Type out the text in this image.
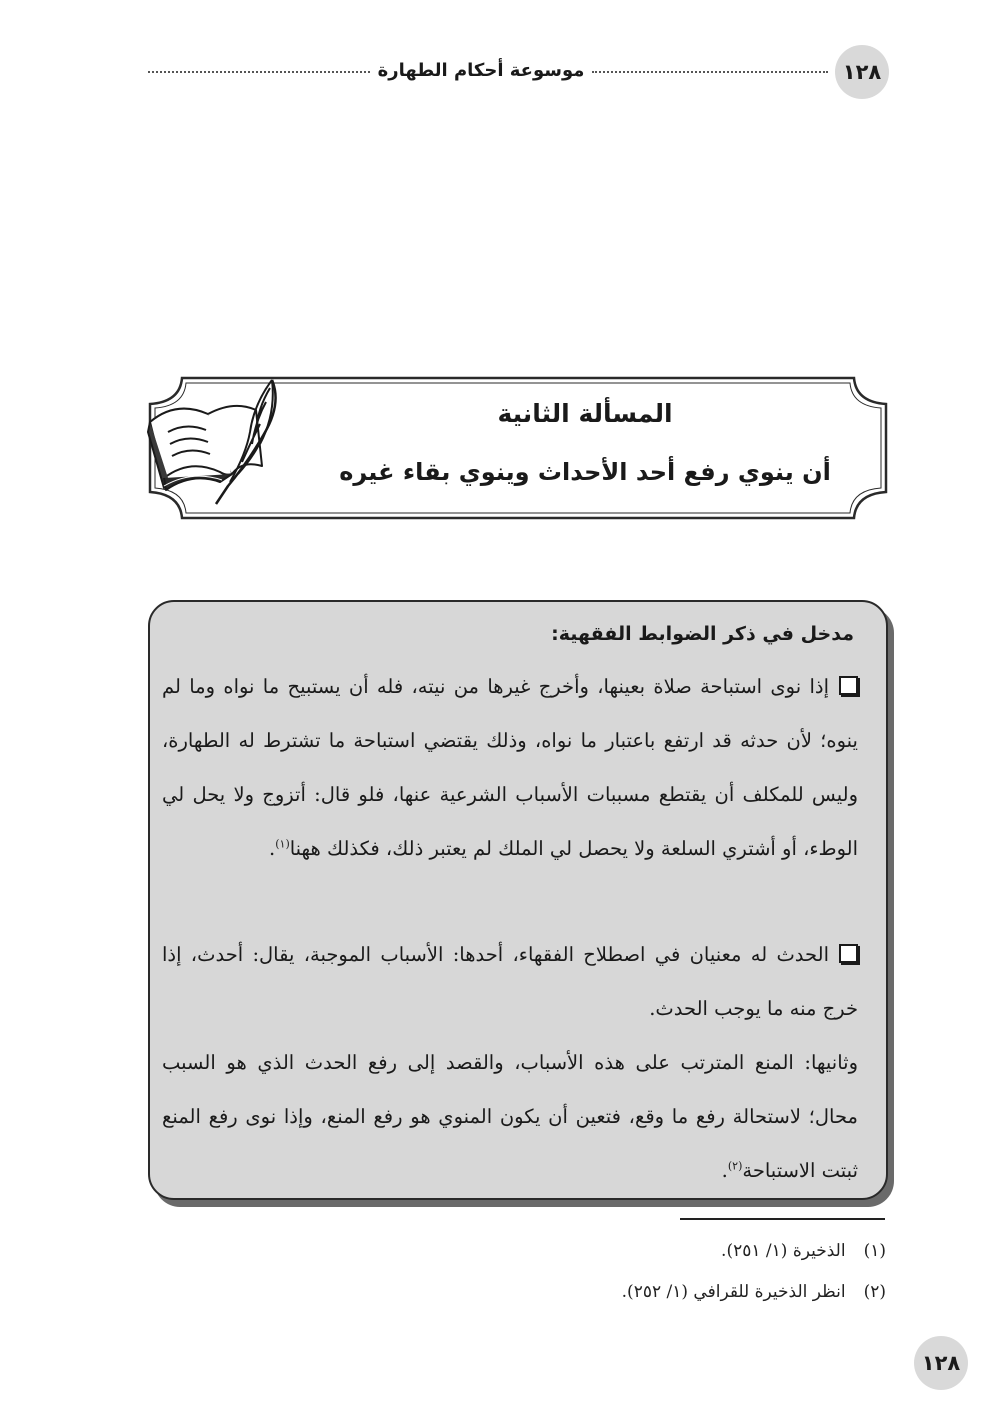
١٢٨
موسوعة أحكام الطهارة
المسألة الثانية
أن ينوي رفع أحد الأحداث وينوي بقاء غيره
مدخل في ذكر الضوابط الفقهية:
إذا نوى استباحة صلاة بعينها، وأخرج غيرها من نيته، فله أن يستبيح ما نواه وما لم ينوه؛ لأن حدثه قد ارتفع باعتبار ما نواه، وذلك يقتضي استباحة ما تشترط له الطهارة، وليس للمكلف أن يقتطع مسببات الأسباب الشرعية عنها، فلو قال: أتزوج ولا يحل لي الوطء، أو أشتري السلعة ولا يحصل لي الملك لم يعتبر ذلك، فكذلك ههنا$^{(١)}$.
الحدث له معنيان في اصطلاح الفقهاء، أحدها: الأسباب الموجبة، يقال: أحدث، إذا خرج منه ما يوجب الحدث.
وثانيها: المنع المترتب على هذه الأسباب، والقصد إلى رفع الحدث الذي هو السبب محال؛ لاستحالة رفع ما وقع، فتعين أن يكون المنوي هو رفع المنع، وإذا نوى رفع المنع ثبتت الاستباحة$^{(٢)}$.
(١)الذخيرة (١/ ٢٥١).
(٢)انظر الذخيرة للقرافي (١/ ٢٥٢).
١٢٨
